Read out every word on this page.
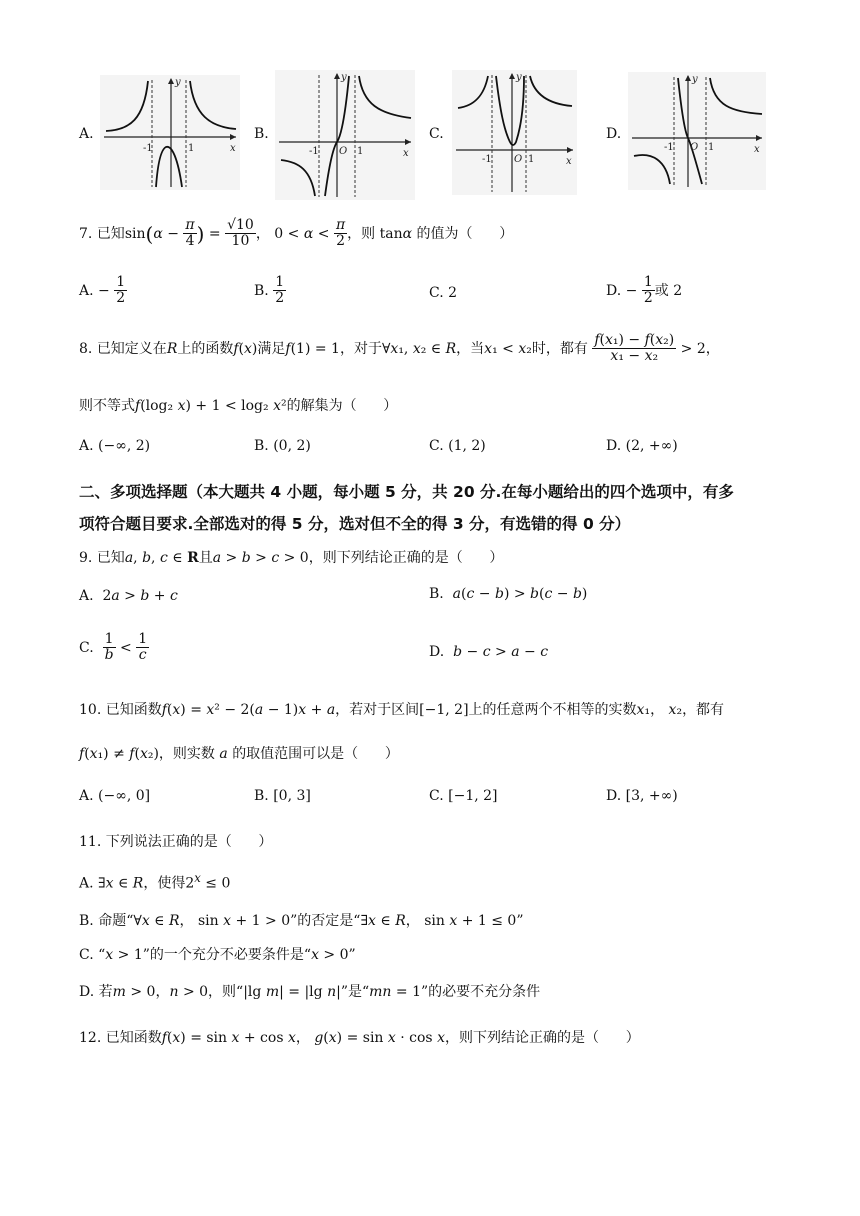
A.
-1	1
y
x
B.
-1 O 1
y
x
C.
-1 O 1
y
x
D.
-1 O 1
y
x
7. 已知$\sin(\alpha - \frac{\pi}{4}$ ) = $\frac{√10}{10}$ ， $0 < \alpha < \frac{\pi}{2}$ ，则 tanα 的值为（ ）
A. − $\frac{1}{2}$	B. $\frac{1}{2}$	C. 2	D. − $\frac{1}{2}$ 或 2
8. 已知定义在R上的函数f(x)满足f(1) = 1，对于∀x₁, x₂ ∈ R，当x₁ < x₂时，都有 $\frac{\text{f(x₁) − f(x₂)}}{\text{x₁ − x₂}} > 2$，
则不等式f(log₂ x) + 1 < log₂ x²的解集为（ ）
A. (−∞, 2)	B. (0, 2)	C. (1, 2)	D. (2, +∞)
二、多项选择题（本大题共 4 小题，每小题 5 分，共 20 分.在每小题给出的四个选项中，有多
项符合题目要求.全部选对的得 5 分，选对但不全的得 3 分，有选错的得 0 分）
9. 已知a, b, c ∈ R且a > b > c > 0，则下列结论正确的是（ ）
A.  2a > b + c	B. a(c − b) > b(c − b)
C. $\frac{1}{b} < \frac{1}{c}$	D. b − c > a − c
10. 已知函数f(x) = x² − 2(a − 1)x + a，若对于区间[−1, 2]上的任意两个不相等的实数x₁， x₂，都有
f(x₁) ≠ f(x₂)，则实数 a 的取值范围可以是（ ）
A. (−∞, 0]	B. [0, 3]	C. [−1, 2]	D. [3, +∞)
11. 下列说法正确的是（ ）
A. ∃x ∈ R，使得$2^x \le 0$
B. 命题“∀x ∈ R， sin x + 1 > 0”的否定是“∃x ∈ R， sin x + 1 ≤ 0”
C. “x > 1”的一个充分不必要条件是“x > 0”
D. 若m > 0，n > 0，则“|lg m| = |lg n|”是“mn = 1”的必要不充分条件
12. 已知函数f(x) = sin x + cos x， g(x) = sin x · cos x，则下列结论正确的是（ ）
